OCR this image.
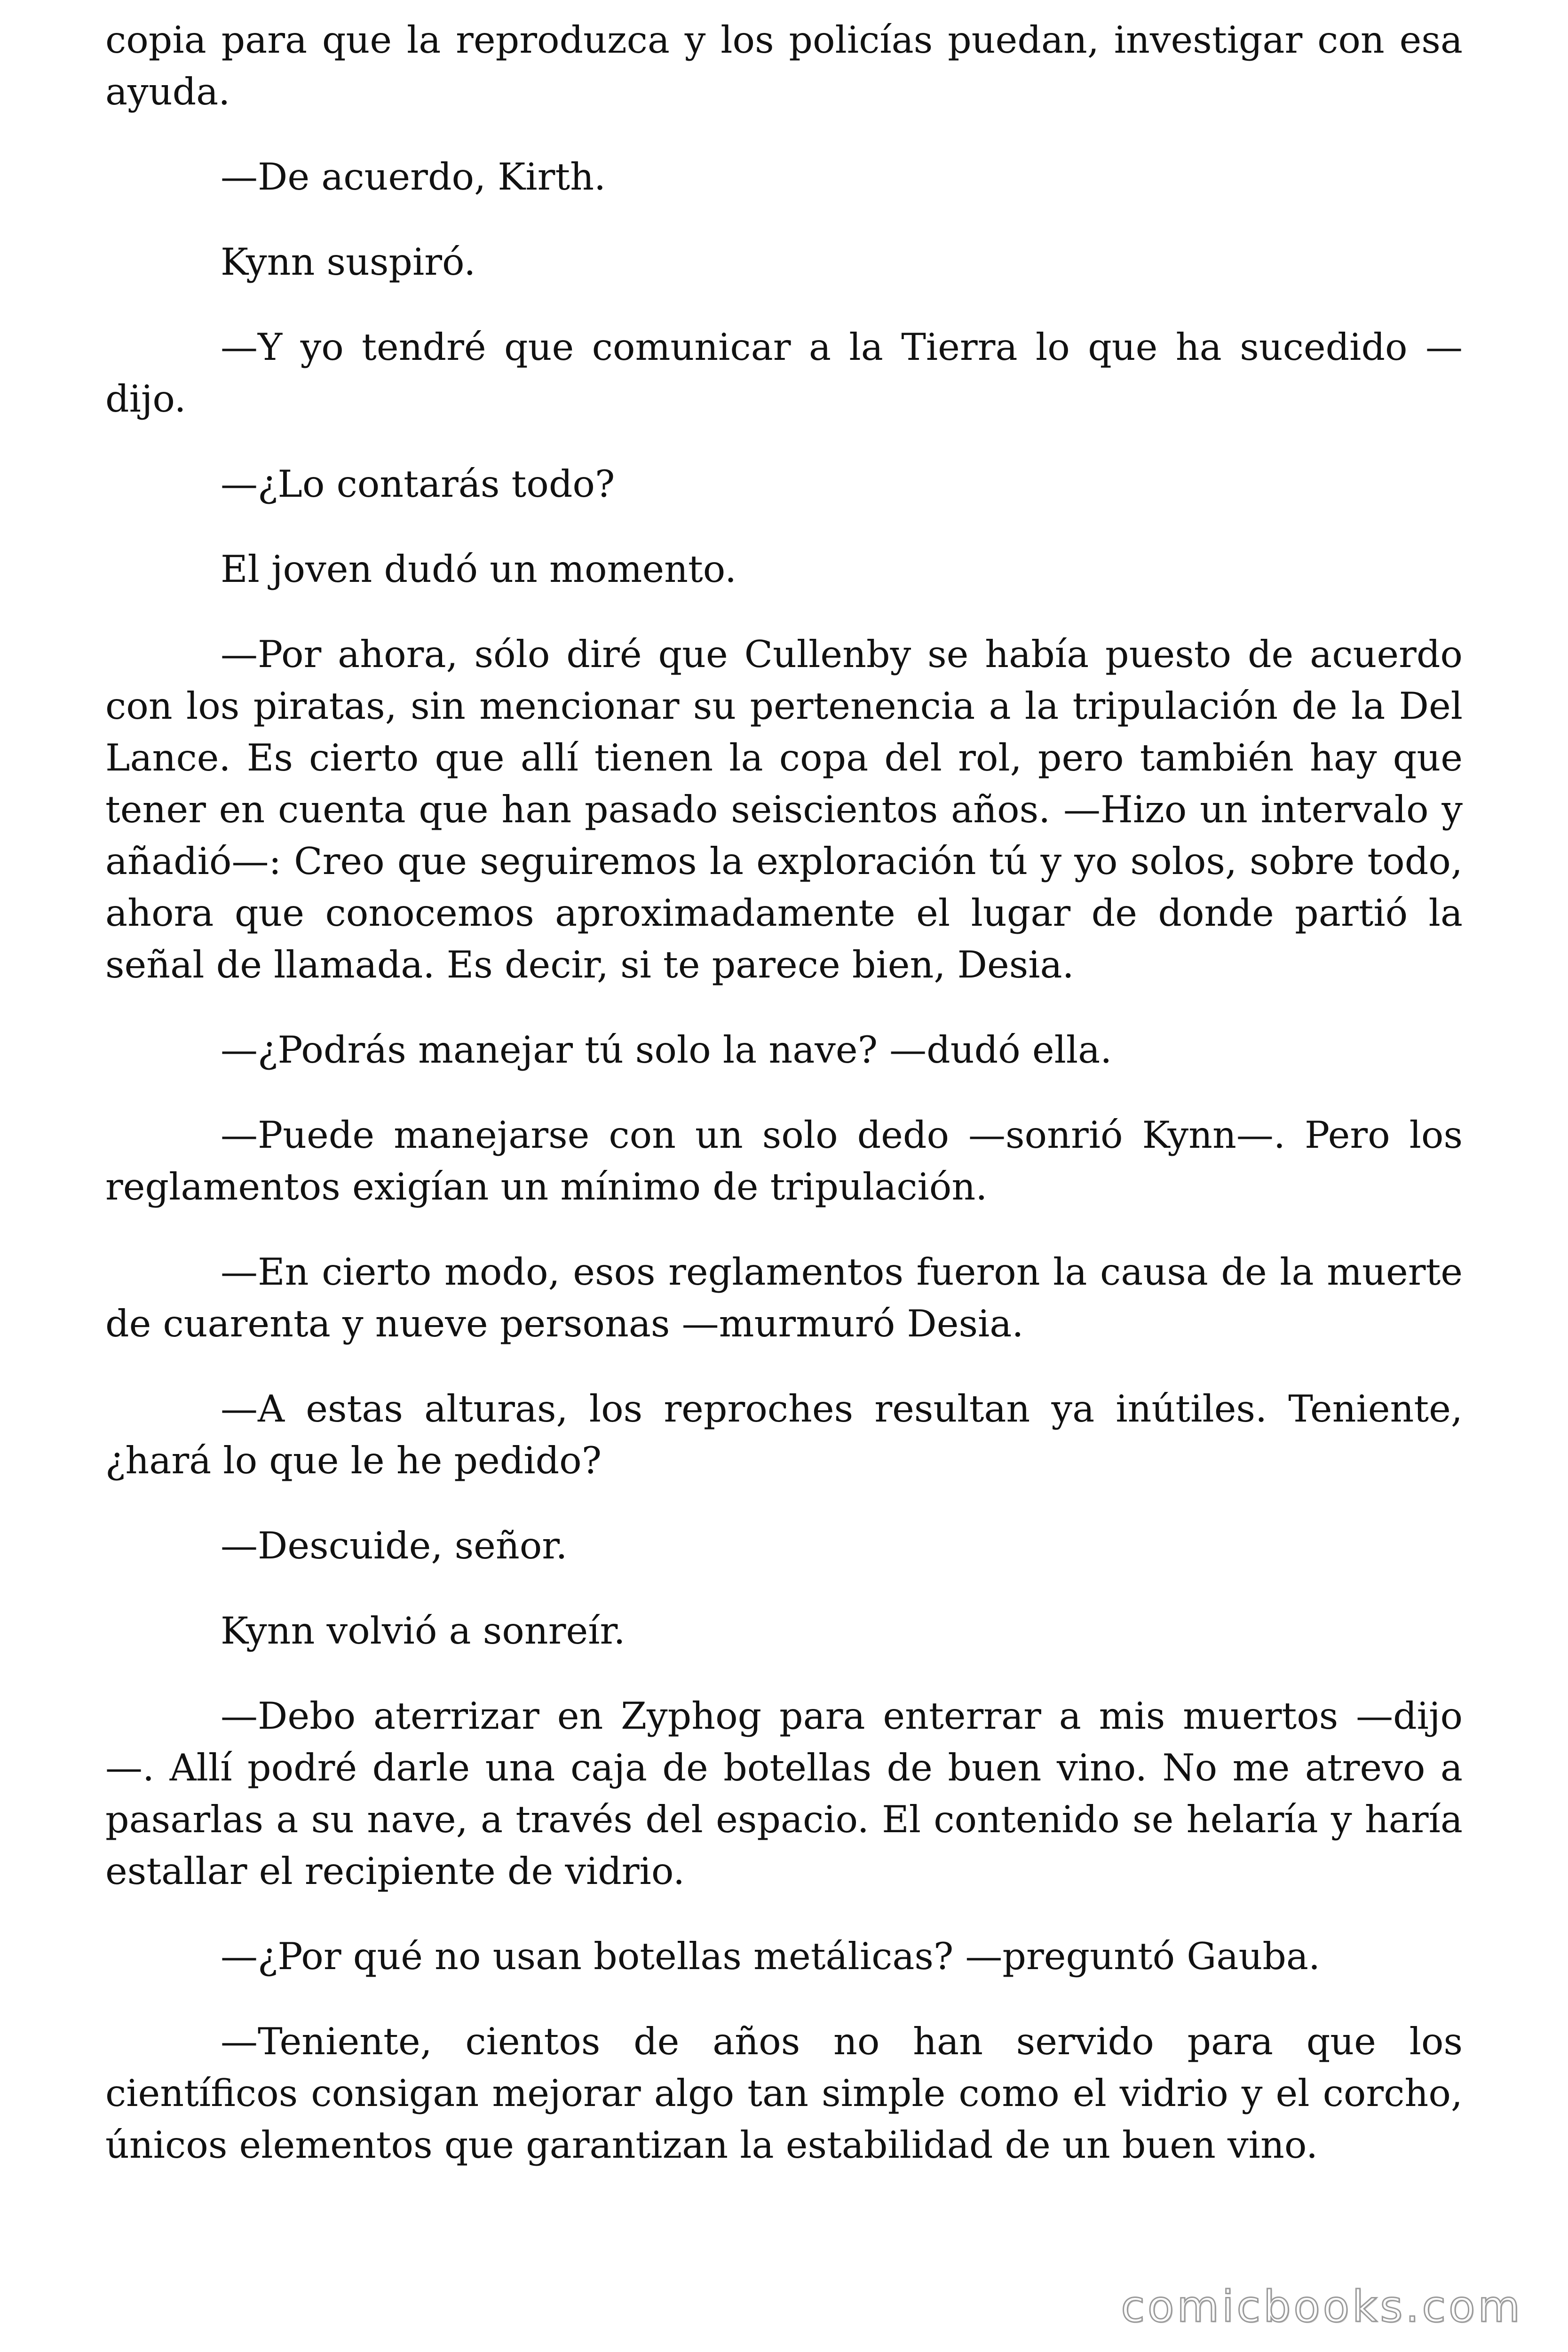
copia para que la reproduzca y los policías puedan, investigar con esa ayuda.

—De acuerdo, Kirth.

Kynn suspiró.

—Y yo tendré que comunicar a la Tierra lo que ha sucedido —dijo.

—¿Lo contarás todo?

El joven dudó un momento.

—Por ahora, sólo diré que Cullenby se había puesto de acuerdo con los piratas, sin mencionar su pertenencia a la tripulación de la Del Lance. Es cierto que allí tienen la copa del rol, pero también hay que tener en cuenta que han pasado seiscientos años. —Hizo un intervalo y añadió—: Creo que seguiremos la exploración tú y yo solos, sobre todo, ahora que conocemos aproximadamente el lugar de donde partió la señal de llamada. Es decir, si te parece bien, Desia.

—¿Podrás manejar tú solo la nave? —dudó ella.

—Puede manejarse con un solo dedo —sonrió Kynn—. Pero los reglamentos exigían un mínimo de tripulación.

—En cierto modo, esos reglamentos fueron la causa de la muerte de cuarenta y nueve personas —murmuró Desia.

—A estas alturas, los reproches resultan ya inútiles. Teniente, ¿hará lo que le he pedido?

—Descuide, señor.

Kynn volvió a sonreír.

—Debo aterrizar en Zyphog para enterrar a mis muertos —dijo —. Allí podré darle una caja de botellas de buen vino. No me atrevo a pasarlas a su nave, a través del espacio. El contenido se helaría y haría estallar el recipiente de vidrio.

—¿Por qué no usan botellas metálicas? —preguntó Gauba.

—Teniente, cientos de años no han servido para que los científicos consigan mejorar algo tan simple como el vidrio y el corcho, únicos elementos que garantizan la estabilidad de un buen vino.

comicbooks.com
